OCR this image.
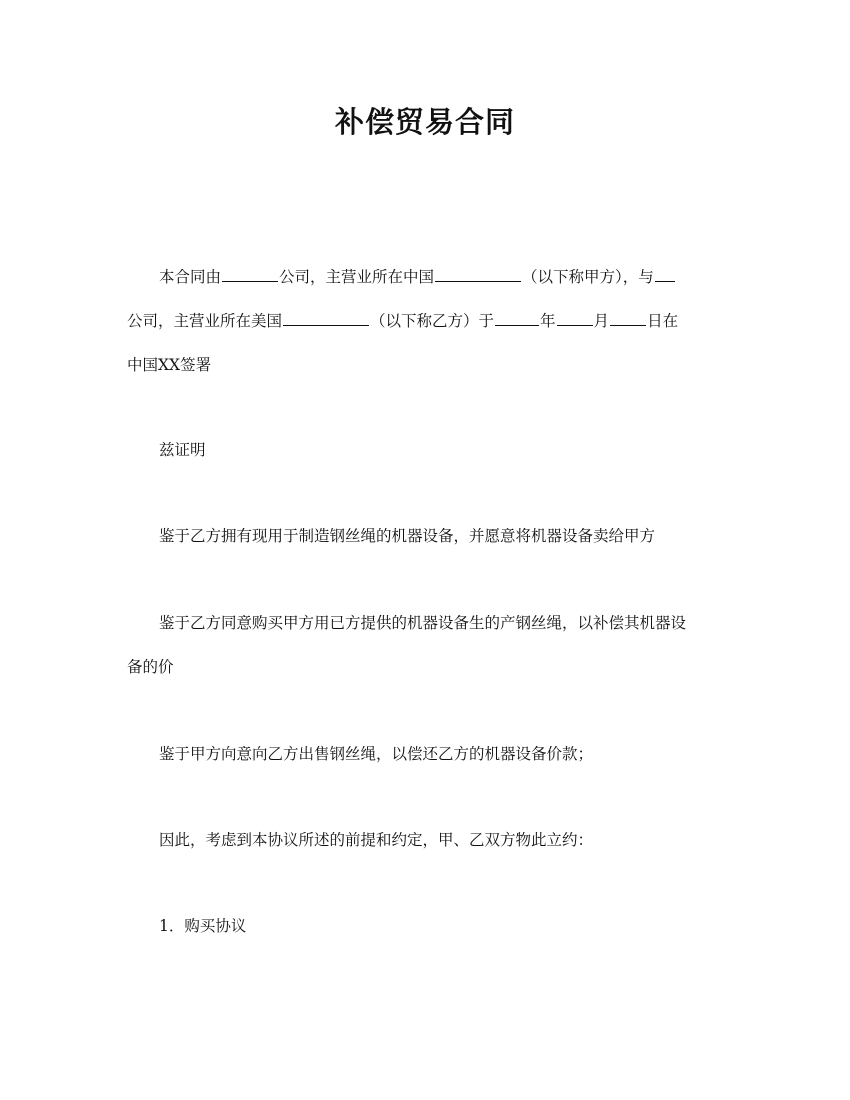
补偿贸易合同
本合同由	公司，主营业所在中国	（以下称甲方），与
公司，主营业所在美国	（以下称乙方）于	年 月 日在
中国XX签署
兹证明
鉴于乙方拥有现用于制造钢丝绳的机器设备，并愿意将机器设备卖给甲方
鉴于乙方同意购买甲方用已方提供的机器设备生的产钢丝绳，以补偿其机器设
备的价
鉴于甲方向意向乙方出售钢丝绳，以偿还乙方的机器设备价款；
因此，考虑到本协议所述的前提和约定，甲、乙双方物此立约：
1．购买协议
